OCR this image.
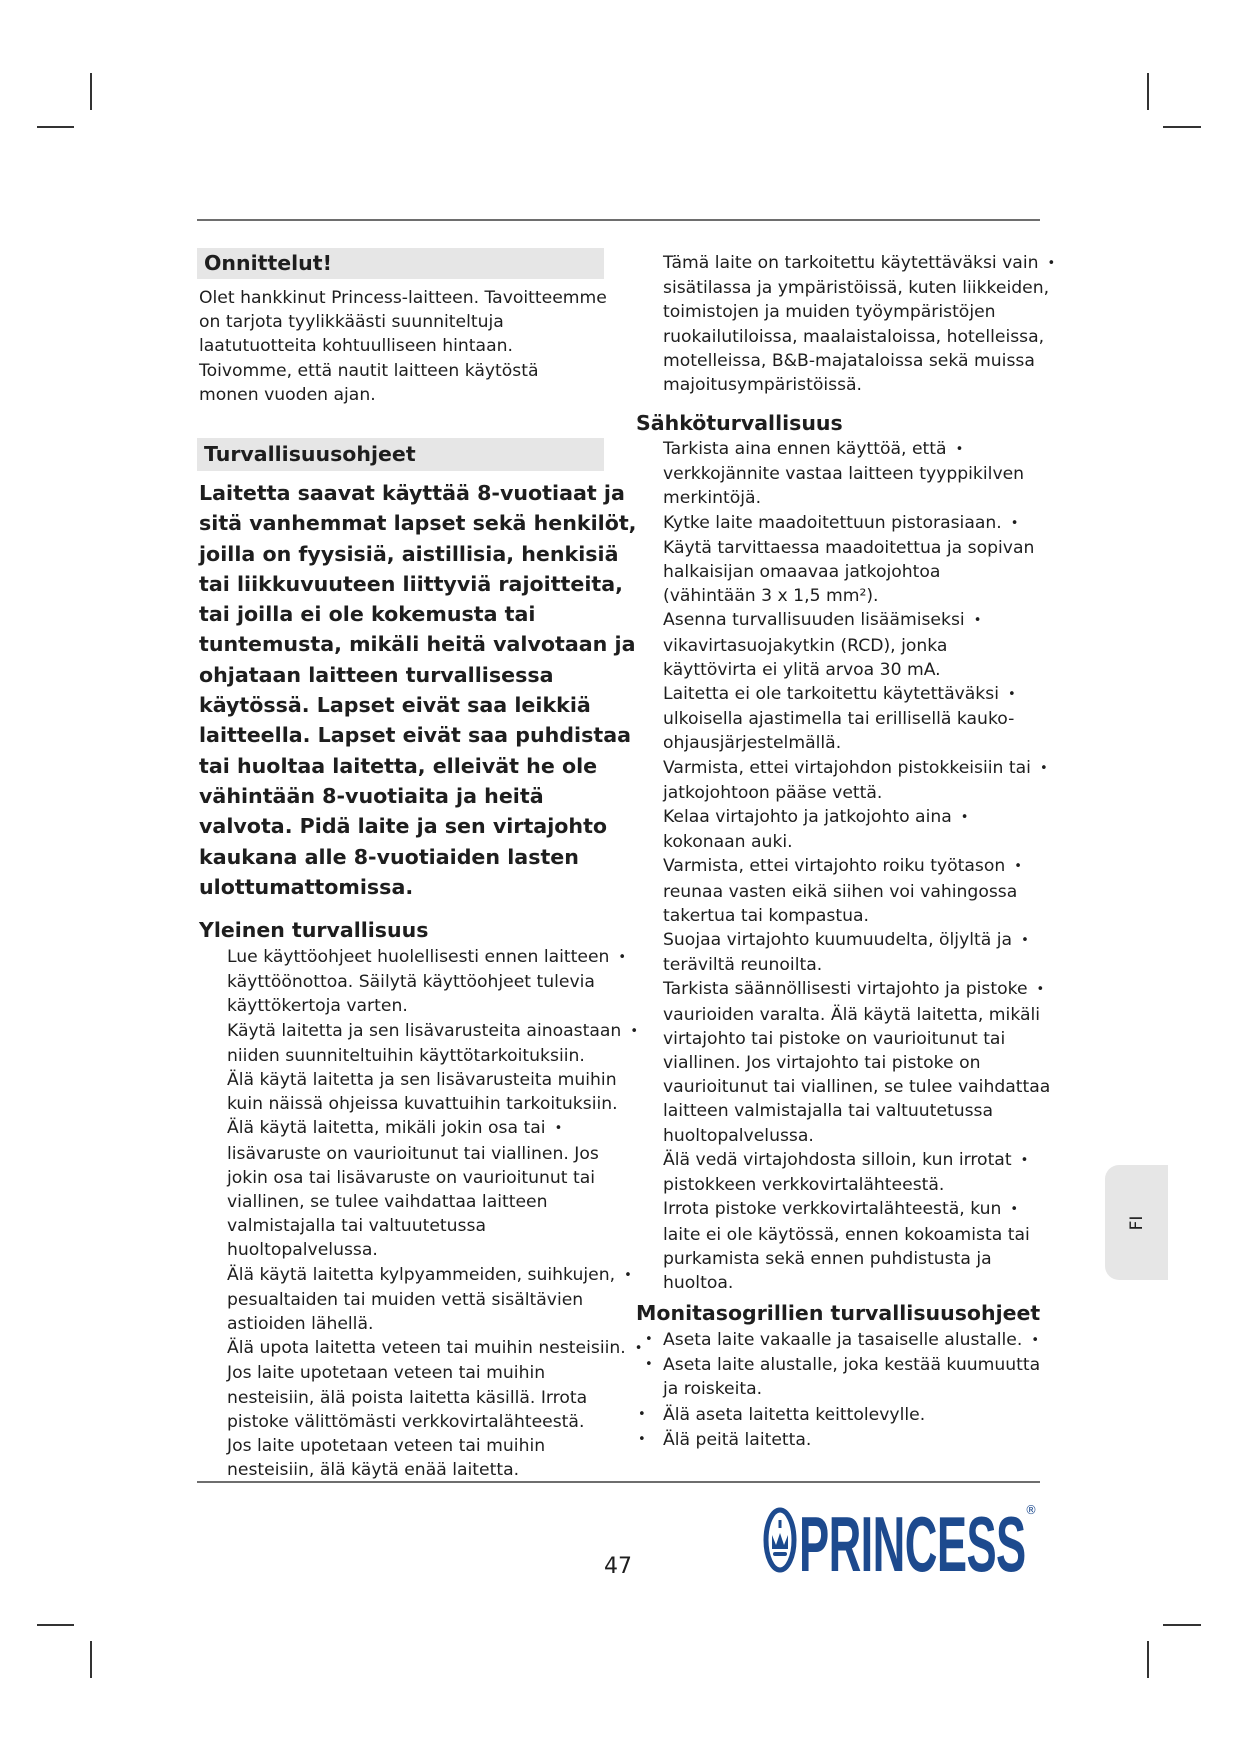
Onnittelut!
Olet hankkinut Princess-laitteen. Tavoitteemme
on tarjota tyylikkäästi suunniteltuja
laatutuotteita kohtuulliseen hintaan.
Toivomme, että nautit laitteen käytöstä
monen vuoden ajan.
Turvallisuusohjeet
Laitetta saavat käyttää 8-vuotiaat ja
sitä vanhemmat lapset sekä henkilöt,
joilla on fyysisiä, aistillisia, henkisiä
tai liikkuvuuteen liittyviä rajoitteita,
tai joilla ei ole kokemusta tai
tuntemusta, mikäli heitä valvotaan ja
ohjataan laitteen turvallisessa
käytössä. Lapset eivät saa leikkiä
laitteella. Lapset eivät saa puhdistaa
tai huoltaa laitetta, elleivät he ole
vähintään 8-vuotiaita ja heitä
valvota. Pidä laite ja sen virtajohto
kaukana alle 8-vuotiaiden lasten
ulottumattomissa.
Yleinen turvallisuus
Lue käyttöohjeet huolellisesti ennen laitteen •
käyttöönottoa. Säilytä käyttöohjeet tulevia
käyttökertoja varten.
Käytä laitetta ja sen lisävarusteita ainoastaan •
niiden suunniteltuihin käyttötarkoituksiin.
Älä käytä laitetta ja sen lisävarusteita muihin
kuin näissä ohjeissa kuvattuihin tarkoituksiin.
Älä käytä laitetta, mikäli jokin osa tai •
lisävaruste on vaurioitunut tai viallinen. Jos
jokin osa tai lisävaruste on vaurioitunut tai
viallinen, se tulee vaihdattaa laitteen
valmistajalla tai valtuutetussa
huoltopalvelussa.
Älä käytä laitetta kylpyammeiden, suihkujen, •
pesualtaiden tai muiden vettä sisältävien
astioiden lähellä.
Älä upota laitetta veteen tai muihin nesteisiin. •
Jos laite upotetaan veteen tai muihin
nesteisiin, älä poista laitetta käsillä. Irrota
pistoke välittömästi verkkovirtalähteestä.
Jos laite upotetaan veteen tai muihin
nesteisiin, älä käytä enää laitetta.
Tämä laite on tarkoitettu käytettäväksi vain •
sisätilassa ja ympäristöissä, kuten liikkeiden,
toimistojen ja muiden työympäristöjen
ruokailutiloissa, maalaistaloissa, hotelleissa,
motelleissa, B&B-majataloissa sekä muissa
majoitusympäristöissä.
Sähköturvallisuus
Tarkista aina ennen käyttöä, että •
verkkojännite vastaa laitteen tyyppikilven
merkintöjä.
Kytke laite maadoitettuun pistorasiaan. •
Käytä tarvittaessa maadoitettua ja sopivan
halkaisijan omaavaa jatkojohtoa
(vähintään 3 x 1,5 mm²).
Asenna turvallisuuden lisäämiseksi •
vikavirtasuojakytkin (RCD), jonka
käyttövirta ei ylitä arvoa 30 mA.
Laitetta ei ole tarkoitettu käytettäväksi •
ulkoisella ajastimella tai erillisellä kauko-
ohjausjärjestelmällä.
Varmista, ettei virtajohdon pistokkeisiin tai •
jatkojohtoon pääse vettä.
Kelaa virtajohto ja jatkojohto aina •
kokonaan auki.
Varmista, ettei virtajohto roiku työtason •
reunaa vasten eikä siihen voi vahingossa
takertua tai kompastua.
Suojaa virtajohto kuumuudelta, öljyltä ja •
teräviltä reunoilta.
Tarkista säännöllisesti virtajohto ja pistoke •
vaurioiden varalta. Älä käytä laitetta, mikäli
virtajohto tai pistoke on vaurioitunut tai
viallinen. Jos virtajohto tai pistoke on
vaurioitunut tai viallinen, se tulee vaihdattaa
laitteen valmistajalla tai valtuutetussa
huoltopalvelussa.
Älä vedä virtajohdosta silloin, kun irrotat •
pistokkeen verkkovirtalähteestä.
Irrota pistoke verkkovirtalähteestä, kun •
laite ei ole käytössä, ennen kokoamista tai
purkamista sekä ennen puhdistusta ja
huoltoa.
Monitasogrillien turvallisuusohjeet
• Aseta laite vakaalle ja tasaiselle alustalle. •
• Aseta laite alustalle, joka kestää kuumuutta
ja roiskeita.
• Älä aseta laitetta keittolevylle.
• Älä peitä laitetta.
FI
47 PRINCESS ®
